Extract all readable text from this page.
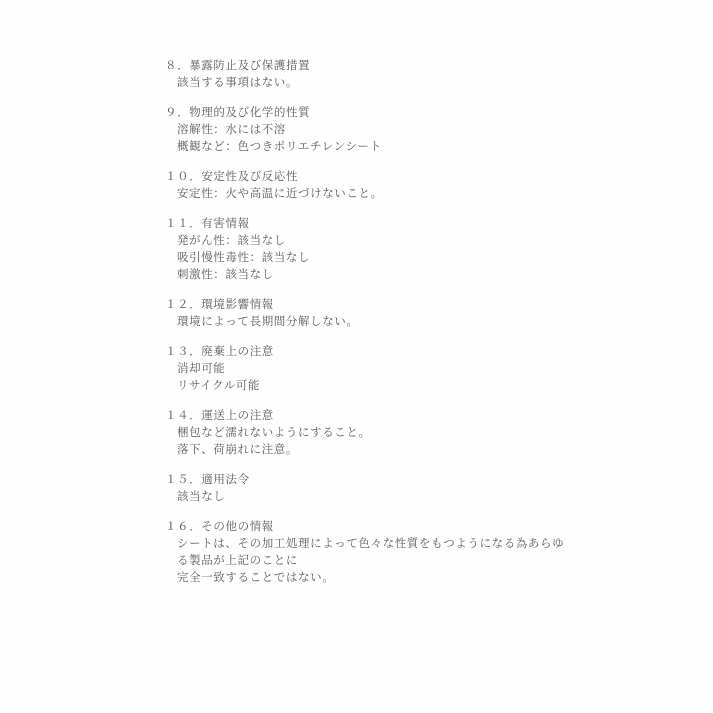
８．暴露防止及び保護措置
該当する事項はない。
９．物理的及び化学的性質
溶解性：水には不溶
概観など：色つきポリエチレンシート
１０．安定性及び反応性
安定性：火や高温に近づけないこと。
１１．有害情報
発がん性：該当なし
吸引慢性毒性：該当なし
刺激性：該当なし
１２．環境影響情報
環境によって長期間分解しない。
１３．廃棄上の注意
消却可能
リサイクル可能
１４．運送上の注意
梱包など濡れないようにすること。
落下、荷崩れに注意。
１５．適用法令
該当なし
１６．その他の情報
シートは、その加工処理によって色々な性質をもつようになる為あらゆる製品が上記のことに
完全一致することではない。
